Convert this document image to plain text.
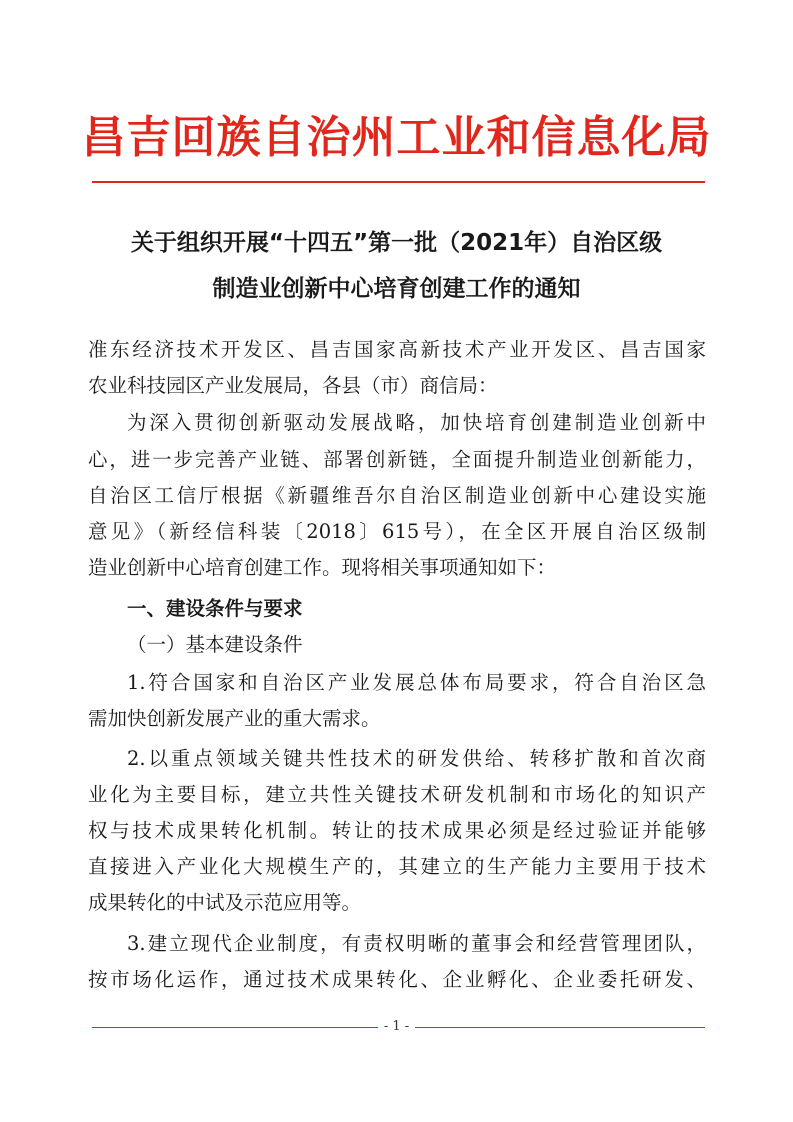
昌吉回族自治州工业和信息化局
关于组织开展“十四五”第一批（2021年）自治区级
制造业创新中心培育创建工作的通知
准东经济技术开发区、昌吉国家高新技术产业开发区、昌吉国家
农业科技园区产业发展局，各县（市）商信局：
为深入贯彻创新驱动发展战略，加快培育创建制造业创新中
心，进一步完善产业链、部署创新链，全面提升制造业创新能力，
自治区工信厅根据《新疆维吾尔自治区制造业创新中心建设实施
意见》（新经信科装〔2018〕615号），在全区开展自治区级制
造业创新中心培育创建工作。现将相关事项通知如下：
一、建设条件与要求
（一）基本建设条件
1.符合国家和自治区产业发展总体布局要求，符合自治区急
需加快创新发展产业的重大需求。
2.以重点领域关键共性技术的研发供给、转移扩散和首次商
业化为主要目标，建立共性关键技术研发机制和市场化的知识产
权与技术成果转化机制。转让的技术成果必须是经过验证并能够
直接进入产业化大规模生产的，其建立的生产能力主要用于技术
成果转化的中试及示范应用等。
3.建立现代企业制度，有责权明晰的董事会和经营管理团队，
按市场化运作，通过技术成果转化、企业孵化、企业委托研发、
- 1 -
